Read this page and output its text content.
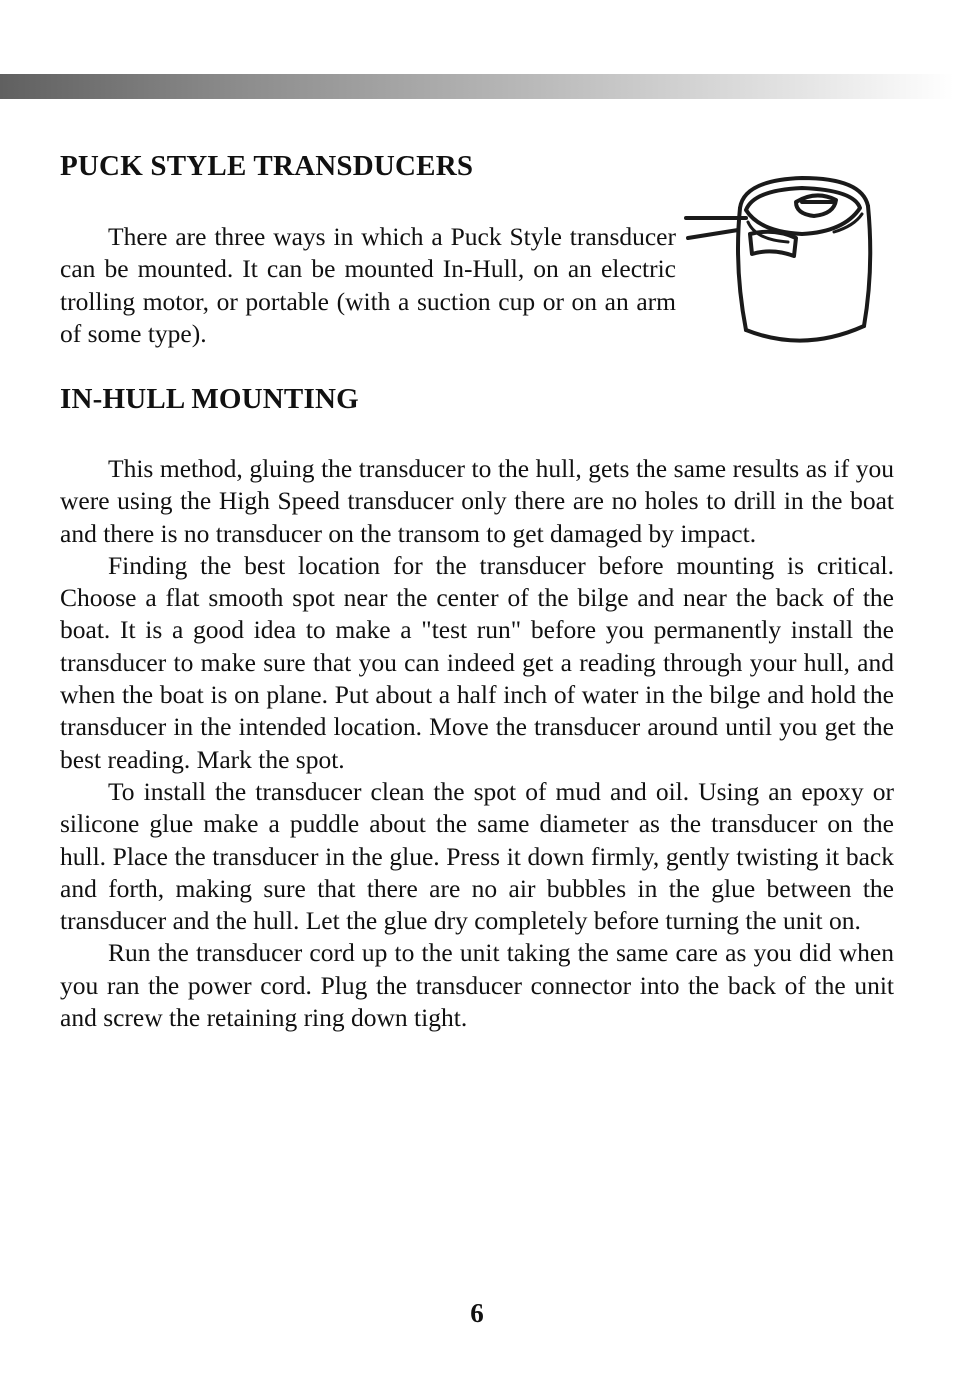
PUCK STYLE TRANSDUCERS

There are three ways in which a Puck Style transducer can be mounted. It can be mounted In-Hull, on an electric trolling motor, or portable (with a suction cup or on an arm of some type).

IN-HULL MOUNTING

This method, gluing the transducer to the hull, gets the same results as if you were using the High Speed transducer only there are no holes to drill in the boat and there is no transducer on the transom to get damaged by impact.

Finding the best location for the transducer before mounting is critical. Choose a flat smooth spot near the center of the bilge and near the back of the boat. It is a good idea to make a "test run" before you permanently install the transducer to make sure that you can indeed get a reading through your hull, and when the boat is on plane. Put about a half inch of water in the bilge and hold the transducer in the intended location. Move the transducer around until you get the best reading. Mark the spot.

To install the transducer clean the spot of mud and oil. Using an epoxy or silicone glue make a puddle about the same diameter as the transducer on the hull. Place the transducer in the glue. Press it down firmly, gently twisting it back and forth, making sure that there are no air bubbles in the glue between the transducer and the hull. Let the glue dry completely before turning the unit on.

Run the transducer cord up to the unit taking the same care as you did when you ran the power cord. Plug the transducer connector into the back of the unit and screw the retaining ring down tight.

6
